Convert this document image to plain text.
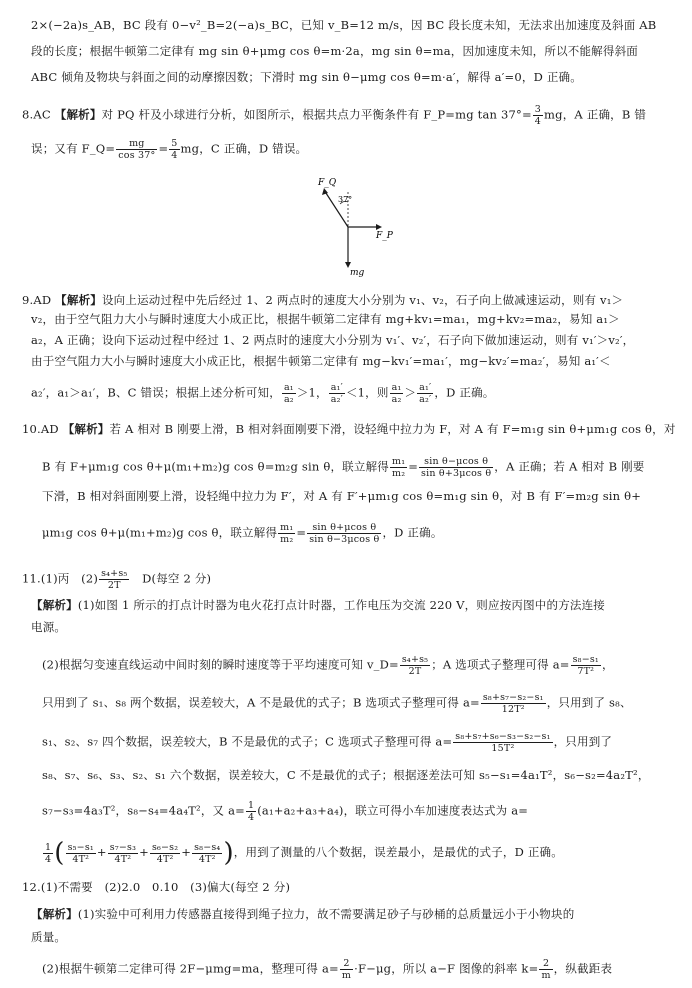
2×(−2a)s_AB，BC 段有 0−v²_B=2(−a)s_BC，已知 v_B=12 m/s，因 BC 段长度未知，无法求出加速度及斜面 AB
段的长度；根据牛顿第二定律有 mg sin θ+μmg cos θ=m·2a，mg sin θ=ma，因加速度未知，所以不能解得斜面
ABC 倾角及物块与斜面之间的动摩擦因数；下滑时 mg sin θ−μmg cos θ=m·a′，解得 a′=0，D 正确。
8.AC 【解析】对 PQ 杆及小球进行分析，如图所示，根据共点力平衡条件有 F_P=mg $\tan 37^\circ= \frac{3}{4}$ mg，A 正确，B 错
误；又有 F_Q= $\frac{mg}{\cos 37^\circ} = \frac{5}{4}$ mg，C 正确，D 错误。
F_Q
37°
F_P
mg
9.AD 【解析】设向上运动过程中先后经过 1、2 两点时的速度大小分别为 v₁、v₂，石子向上做减速运动，则有 v₁＞
v₂，由于空气阻力大小与瞬时速度大小成正比，根据牛顿第二定律有 mg+kv₁=ma₁，mg+kv₂=ma₂，易知 a₁＞
a₂，A 正确；设向下运动过程中经过 1、2 两点时的速度大小分别为 v₁′、v₂′，石子向下做加速运动，则有 v₁′＞v₂′，
由于空气阻力大小与瞬时速度大小成正比，根据牛顿第二定律有 mg−kv₁′=ma₁′，mg−kv₂′=ma₂′，易知 a₁′＜
a₂′，a₁＞a₁′，B、C 错误；根据上述分析可知， $\frac{\text{a₁}}{\text{a₂}} >1$， $\frac{\text{a₁′}}{\text{a₂′}} <1$，则 $\frac{\text{a₁}}{\text{a₂}} > \frac{\text{a₁′}}{\text{a₂′}}$ ，D 正确。
10.AD 【解析】若 A 相对 B 刚要上滑，B 相对斜面刚要下滑，设轻绳中拉力为 F，对 A 有 F=m₁g sin θ+μm₁g cos θ，对
B 有 F+μm₁g cos θ+μ(m₁+m₂)g cos θ=m₂g sin θ，联立解得 $\frac{\text{m₁}}{\text{m₂}} = \frac{\text{sin θ−μcos θ}}{\text{sin θ+3μcos θ}}$ ，A 正确；若 A 相对 B 刚要
下滑，B 相对斜面刚要上滑，设轻绳中拉力为 F′，对 A 有 F′+μm₁g cos θ=m₁g sin θ，对 B 有 F′=m₂g sin θ+
μm₁g cos θ+μ(m₁+m₂)g cos θ，联立解得 $\frac{\text{m₁}}{\text{m₂}} = \frac{\text{sin θ+μcos θ}}{\text{sin θ−3μcos θ}}$ ，D 正确。
11.(1)丙　$(2) \frac{\text{s₄+s₅}}{2T}$ 　D(每空 2 分)
【解析】(1)如图 1 所示的打点计时器为电火花打点计时器，工作电压为交流 220 V，则应按丙图中的方法连接
电源。
(2)根据匀变速直线运动中间时刻的瞬时速度等于平均速度可知 v_D= $\frac{\text{s₄+s₅}}{2T}$ ；A 选项式子整理可得 $a= \frac{\text{s₈−s₁}}{\text{7T²}}$ ，
只用到了 s₁、s₈ 两个数据，误差较大，A 不是最优的式子；B 选项式子整理可得 $a= \frac{\text{s₈+s₇−s₂−s₁}}{\text{12T²}}$ ，只用到了 s₈、
s₁、s₂、s₇ 四个数据，误差较大，B 不是最优的式子；C 选项式子整理可得 $a= \frac{\text{s₈+s₇+s₆−s₃−s₂−s₁}}{\text{15T²}}$ ，只用到了
s₈、s₇、s₆、s₃、s₂、s₁ 六个数据，误差较大，C 不是最优的式子；根据逐差法可知 s₅−s₁=4a₁T²，s₆−s₂=4a₂T²，
s₇−s₃=4a₃T²，s₈−s₄=4a₄T²，又 $a= \frac{1}{4} (a_1+a_2+a_3+a_4)$，联立可得小车加速度表达式为 a=
$\frac{1}{4}$ ( $\frac{\text{s₅−s₁}}{\text{4T²}} + \frac{\text{s₇−s₃}}{\text{4T²}} + \frac{\text{s₆−s₂}}{\text{4T²}} + \frac{\text{s₈−s₄}}{\text{4T²}}$ )，用到了测量的八个数据，误差最小，是最优的式子，D 正确。
12.(1)不需要　(2)2.0　0.10　(3)偏大(每空 2 分)
【解析】(1)实验中可利用力传感器直接得到绳子拉力，故不需要满足砂子与砂桶的总质量远小于小物块的
质量。
(2)根据牛顿第二定律可得 2F−μmg=ma，整理可得 $a= \frac{2}{m} \cdot F-\mu g$，所以 a−F 图像的斜率 $k= \frac{2}{m}$ ，纵截距表
